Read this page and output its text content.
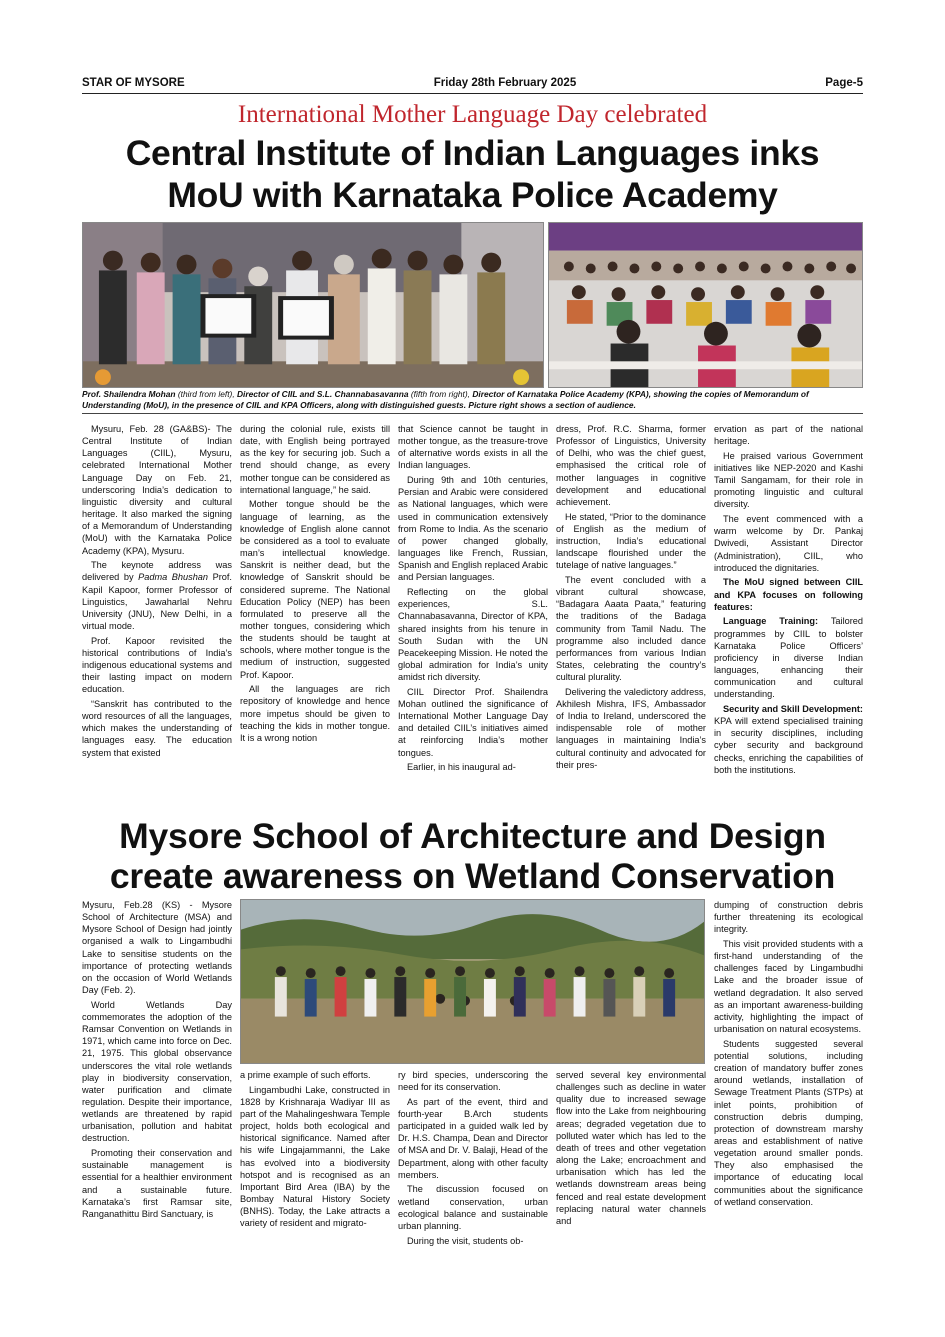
STAR OF MYSORE	Friday 28th February 2025	Page-5
International Mother Language Day celebrated
Central Institute of Indian Languages inks
MoU with Karnataka Police Academy
Prof. Shailendra Mohan (third from left), Director of CIIL and S.L. Channabasavanna (fifth from right), Director of Karnataka Police Academy (KPA), showing the copies of Memorandum of Understanding (MoU), in the presence of CIIL and KPA Officers, along with distinguished guests. Picture right shows a section of audience.

Mysuru, Feb. 28 (GA&BS)- The Central Institute of Indian Languages (CIIL), Mysuru, celebrated International Mother Language Day on Feb. 21, underscoring India’s dedication to linguistic diversity and cultural heritage. It also marked the signing of a Memorandum of Understanding (MoU) with the Karnataka Police Academy (KPA), Mysuru.

The keynote address was delivered by Padma Bhushan Prof. Kapil Kapoor, former Professor of Linguistics, Jawaharlal Nehru University (JNU), New Delhi, in a virtual mode.

Prof. Kapoor revisited the historical contributions of India’s indigenous educational systems and their lasting impact on modern education.

“Sanskrit has contributed to the word resources of all the languages, which makes the understanding of languages easy. The education system that existed

during the colonial rule, exists till date, with English being portrayed as the key for securing job. Such a trend should change, as every mother tongue can be considered as international language,” he said.

Mother tongue should be the language of learning, as the knowledge of English alone cannot be considered as a tool to evaluate man’s intellectual knowledge. Sanskrit is neither dead, but the knowledge of Sanskrit should be considered supreme. The National Education Policy (NEP) has been formulated to preserve all the mother tongues, considering which the students should be taught at schools, where mother tongue is the medium of instruction, suggested Prof. Kapoor.

All the languages are rich repository of knowledge and hence more impetus should be given to teaching the kids in mother tongue. It is a wrong notion

that Science cannot be taught in mother tongue, as the treasure-trove of alternative words exists in all the Indian languages.

During 9th and 10th centuries, Persian and Arabic were considered as National languages, which were used in communication extensively from Rome to India. As the scenario of power changed globally, languages like French, Russian, Spanish and English replaced Arabic and Persian languages.

Reflecting on the global experiences, S.L. Channabasavanna, Director of KPA, shared insights from his tenure in South Sudan with the UN Peacekeeping Mission. He noted the global admiration for India’s unity amidst rich diversity.

CIIL Director Prof. Shailendra Mohan outlined the significance of International Mother Language Day and detailed CIIL’s initiatives aimed at reinforcing India’s mother tongues.

Earlier, in his inaugural ad-

dress, Prof. R.C. Sharma, former Professor of Linguistics, University of Delhi, who was the chief guest, emphasised the critical role of mother languages in cognitive development and educational achievement.

He stated, “Prior to the dominance of English as the medium of instruction, India’s educational landscape flourished under the tutelage of native languages.”

The event concluded with a vibrant cultural showcase, “Badagara Aaata Paata,” featuring the traditions of the Badaga community from Tamil Nadu. The programme also included dance performances from various Indian States, celebrating the country’s cultural plurality.

Delivering the valedictory address, Akhilesh Mishra, IFS, Ambassador of India to Ireland, underscored the indispensable role of mother languages in maintaining India’s cultural continuity and advocated for their pres-

ervation as part of the national heritage.

He praised various Government initiatives like NEP-2020 and Kashi Tamil Sangamam, for their role in promoting linguistic and cultural diversity.

The event commenced with a warm welcome by Dr. Pankaj Dwivedi, Assistant Director (Administration), CIIL, who introduced the dignitaries.

The MoU signed between CIIL and KPA focuses on following features:

Language Training: Tailored programmes by CIIL to bolster Karnataka Police Officers’ proficiency in diverse Indian languages, enhancing their communication and cultural understanding.

Security and Skill Development: KPA will extend specialised training in security disciplines, including cyber security and background checks, enriching the capabilities of both the institutions.

Mysore School of Architecture and Design
create awareness on Wetland Conservation

Mysuru, Feb.28 (KS) - Mysore School of Architecture (MSA) and Mysore School of Design had jointly organised a walk to Lingambudhi Lake to sensitise students on the importance of protecting wetlands on the occasion of World Wetlands Day (Feb. 2).

World Wetlands Day commemorates the adoption of the Ramsar Convention on Wetlands in 1971, which came into force on Dec. 21, 1975. This global observance underscores the vital role wetlands play in biodiversity conservation, water purification and climate regulation. Despite their importance, wetlands are threatened by rapid urbanisation, pollution and habitat destruction.

Promoting their conservation and sustainable management is essential for a healthier environment and a sustainable future. Karnataka’s first Ramsar site, Ranganathittu Bird Sanctuary, is

a prime example of such efforts.

Lingambudhi Lake, constructed in 1828 by Krishnaraja Wadiyar III as part of the Mahalingeshwara Temple project, holds both ecological and historical significance. Named after his wife Lingajammanni, the Lake has evolved into a biodiversity hotspot and is recognised as an Important Bird Area (IBA) by the Bombay Natural History Society (BNHS). Today, the Lake attracts a variety of resident and migrato-

ry bird species, underscoring the need for its conservation.

As part of the event, third and fourth-year B.Arch students participated in a guided walk led by Dr. H.S. Champa, Dean and Director of MSA and Dr. V. Balaji, Head of the Department, along with other faculty members.

The discussion focused on wetland conservation, urban ecological balance and sustainable urban planning.

During the visit, students ob-

served several key environmental challenges such as decline in water quality due to increased sewage flow into the Lake from neighbouring areas; degraded vegetation due to polluted water which has led to the death of trees and other vegetation along the Lake; encroachment and urbanisation which has led the wetlands downstream areas being fenced and real estate development replacing natural water channels and

dumping of construction debris further threatening its ecological integrity.

This visit provided students with a first-hand understanding of the challenges faced by Lingambudhi Lake and the broader issue of wetland degradation. It also served as an important awareness-building activity, highlighting the impact of urbanisation on natural ecosystems.

Students suggested several potential solutions, including creation of mandatory buffer zones around wetlands, installation of Sewage Treatment Plants (STPs) at inlet points, prohibition of construction debris dumping, protection of downstream marshy areas and establishment of native vegetation around smaller ponds. They also emphasised the importance of educating local communities about the significance of wetland conservation.
